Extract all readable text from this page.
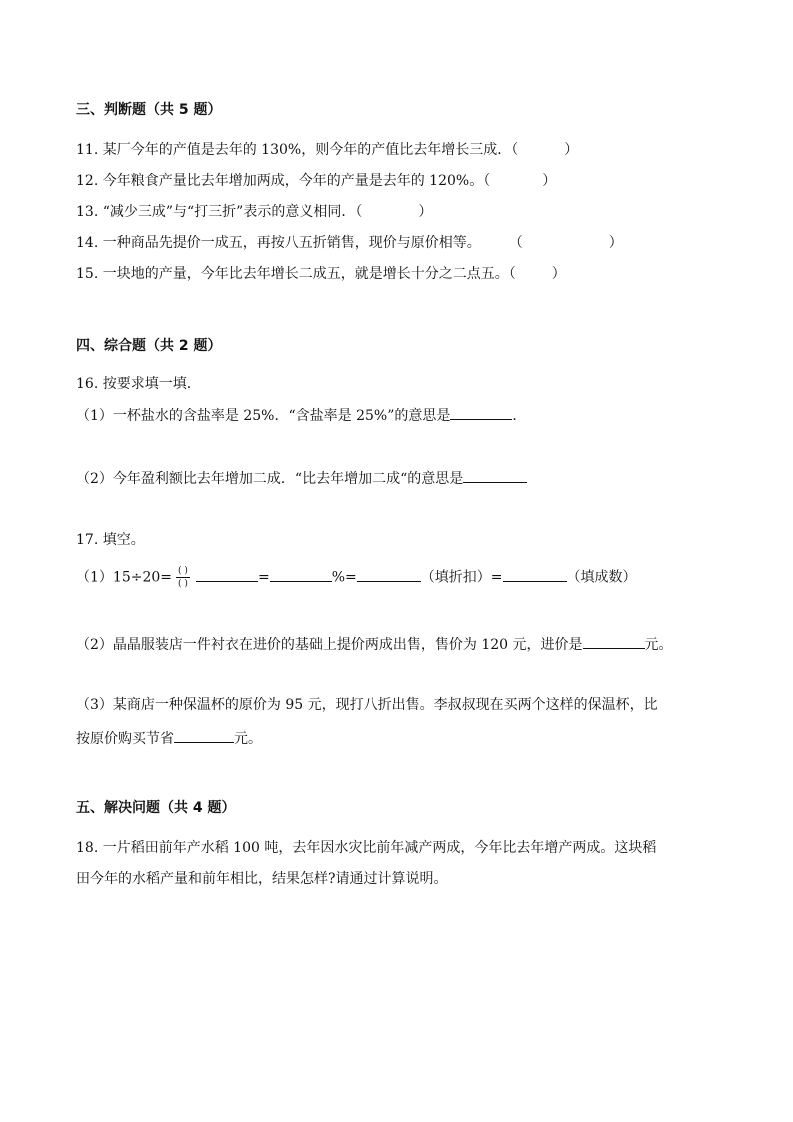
三、判断题（共 5 题）
11. 某厂今年的产值是去年的 130%，则今年的产值比去年增长三成．（	）
12. 今年粮食产量比去年增加两成，今年的产量是去年的 120%。（	）
13. “减少三成”与“打三折”表示的意义相同．（	）
14. 一种商品先提价一成五，再按八五折销售，现价与原价相等。 （	）
15. 一块地的产量，今年比去年增长二成五，就是增长十分之二点五。（	）
四、综合题（共 2 题）
16. 按要求填一填．
（1）一杯盐水的含盐率是 25%．“含盐率是 25%”的意思是	．
（2）今年盈利额比去年增加二成．“比去年增加二成“的意思是
17. 填空。
$(1)15\div 20= \frac{( )}{( )}$	=	%=	（填折扣）=	（填成数）
（2）晶晶服装店一件衬衣在进价的基础上提价两成出售，售价为 120 元，进价是	元。
（3）某商店一种保温杯的原价为 95 元，现打八折出售。李叔叔现在买两个这样的保温杯，比
按原价购买节省	元。
五、解决问题（共 4 题）
18. 一片稻田前年产水稻 100 吨，去年因水灾比前年减产两成，今年比去年增产两成。这块稻
田今年的水稻产量和前年相比，结果怎样?请通过计算说明。
